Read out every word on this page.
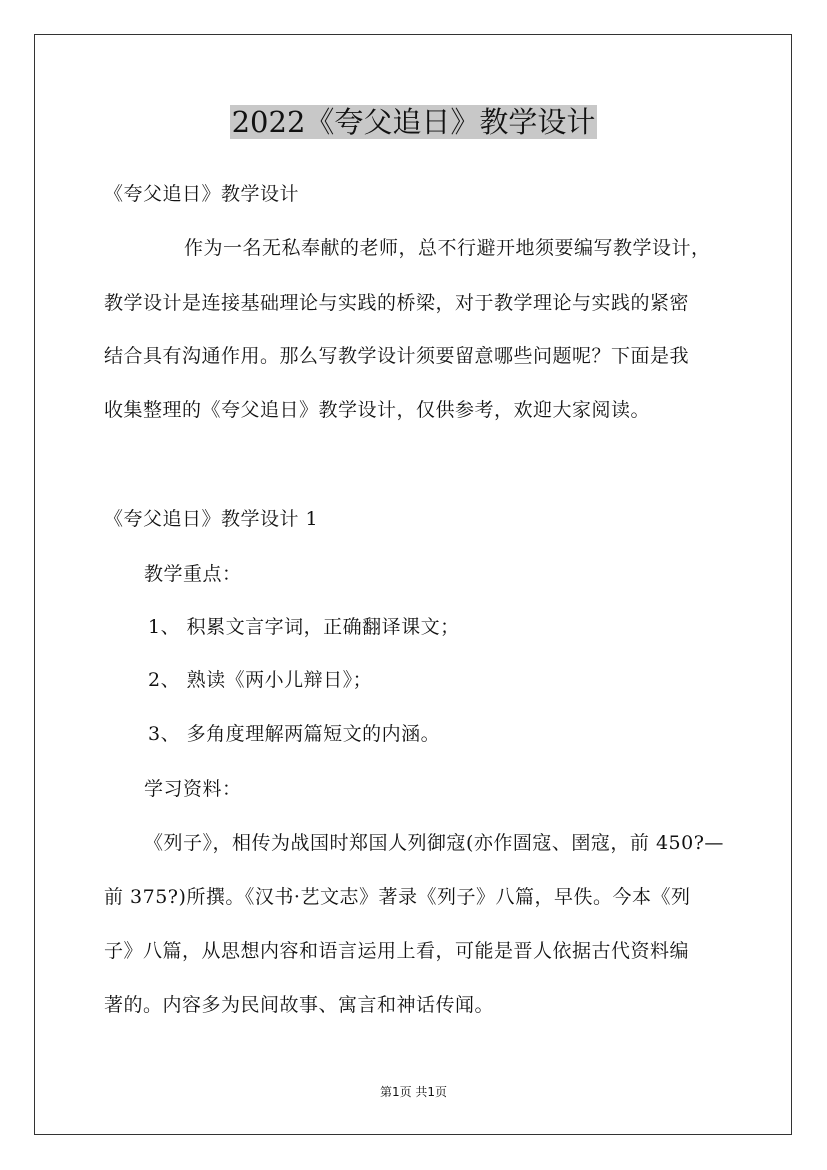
2022《夸父追日》教学设计

《夸父追日》教学设计

作为一名无私奉献的老师，总不行避开地须要编写教学设计，

教学设计是连接基础理论与实践的桥梁，对于教学理论与实践的紧密

结合具有沟通作用。那么写教学设计须要留意哪些问题呢？下面是我

收集整理的《夸父追日》教学设计，仅供参考，欢迎大家阅读。

《夸父追日》教学设计 1

教学重点：

1、 积累文言字词，正确翻译课文；

2、 熟读《两小儿辩日》；

3、 多角度理解两篇短文的内涵。

学习资料：

《列子》，相传为战国时郑国人列御寇(亦作圄寇、圉寇，前 450?—

前 375?)所撰。《汉书·艺文志》著录《列子》八篇，早佚。今本《列

子》八篇，从思想内容和语言运用上看，可能是晋人依据古代资料编

著的。内容多为民间故事、寓言和神话传闻。

第1页 共1页
